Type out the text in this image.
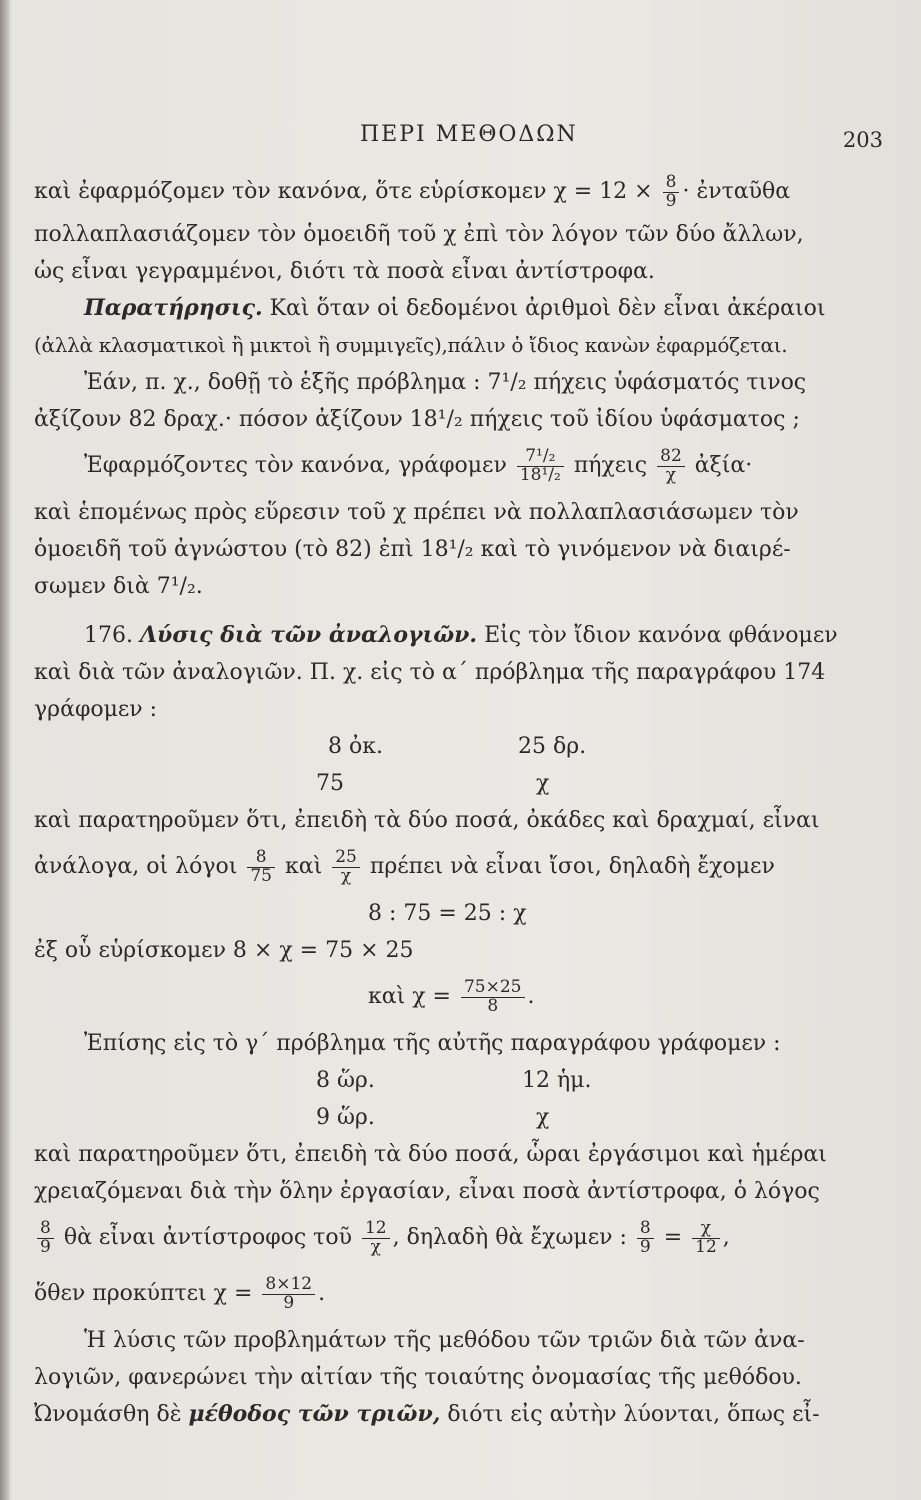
ΠΕΡΙ ΜΕΘΟΔΩΝ	203
καὶ ἐφαρμόζομεν τὸν κανόνα, ὅτε εὑρίσκομεν $\chi = 12 \times \frac{8}{9}$ · ἐνταῦθα
πολλαπλασιάζομεν τὸν ὁμοειδῆ τοῦ χ ἐπὶ τὸν λόγον τῶν δύο ἄλλων,
ὡς εἶναι γεγραμμένοι, διότι τὰ ποσὰ εἶναι ἀντίστροφα.
Παρατήρησις. Καὶ ὅταν οἱ δεδομένοι ἀριθμοὶ δὲν εἶναι ἀκέραιοι
(ἀλλὰ κλασματικοὶ ἢ μικτοὶ ἢ συμμιγεῖς),πάλιν ὁ ἴδιος κανὼν ἐφαρμόζεται.
Ἐάν, π. χ., δοθῇ τὸ ἑξῆς πρόβλημα : 7¹/₂ πήχεις ὑφάσματός τινος
ἀξίζουν 82 δραχ.· πόσον ἀξίζουν 18¹/₂ πήχεις τοῦ ἰδίου ὑφάσματος ;
Ἐφαρμόζοντες τὸν κανόνα, γράφομεν $\frac{\text{7¹/₂}}{\text{18¹/₂}}$ πήχεις $\frac{82}{\chi}$ ἀξία·
καὶ ἑπομένως πρὸς εὕρεσιν τοῦ χ πρέπει νὰ πολλαπλασιάσωμεν τὸν
ὁμοειδῆ τοῦ ἀγνώστου (τὸ 82) ἐπὶ 18¹/₂ καὶ τὸ γινόμενον νὰ διαιρέ-
σωμεν διὰ 7¹/₂.
176. Λύσις διὰ τῶν ἀναλογιῶν. Εἰς τὸν ἴδιον κανόνα φθάνομεν
καὶ διὰ τῶν ἀναλογιῶν. Π. χ. εἰς τὸ α΄ πρόβλημα τῆς παραγράφου 174
γράφομεν :
8 ὀκ.	25 δρ.
75	χ
καὶ παρατηροῦμεν ὅτι, ἐπειδὴ τὰ δύο ποσά, ὀκάδες καὶ δραχμαί, εἶναι
ἀνάλογα, οἱ λόγοι $\frac{8}{75}$ καὶ $\frac{25}{\chi}$ πρέπει νὰ εἶναι ἴσοι, δηλαδὴ ἔχομεν
8 : 75 = 25 : χ
ἐξ οὗ εὑρίσκομεν 8 × χ = 75 × 25
καὶ $\chi = \frac{75\times 25}{8}$ .
Ἐπίσης εἰς τὸ γ΄ πρόβλημα τῆς αὐτῆς παραγράφου γράφομεν :
8 ὥρ.	12 ἡμ.
9 ὥρ.	χ
καὶ παρατηροῦμεν ὅτι, ἐπειδὴ τὰ δύο ποσά, ὧραι ἐργάσιμοι καὶ ἡμέραι
χρειαζόμεναι διὰ τὴν ὅλην ἐργασίαν, εἶναι ποσὰ ἀντίστροφα, ὁ λόγος
$\frac{8}{9}$ θὰ εἶναι ἀντίστροφος τοῦ $\frac{12}{\chi}$ , δηλαδὴ θὰ ἔχωμεν : $\frac{8}{9} = \frac{\chi}{12}$ ,
ὅθεν προκύπτει $\chi = \frac{8\times 12}{9}$ .
Ἡ λύσις τῶν προβλημάτων τῆς μεθόδου τῶν τριῶν διὰ τῶν ἀνα-
λογιῶν, φανερώνει τὴν αἰτίαν τῆς τοιαύτης ὀνομασίας τῆς μεθόδου.
Ὠνομάσθη δὲ μέθοδος τῶν τριῶν, διότι εἰς αὐτὴν λύονται, ὅπως εἶ-
